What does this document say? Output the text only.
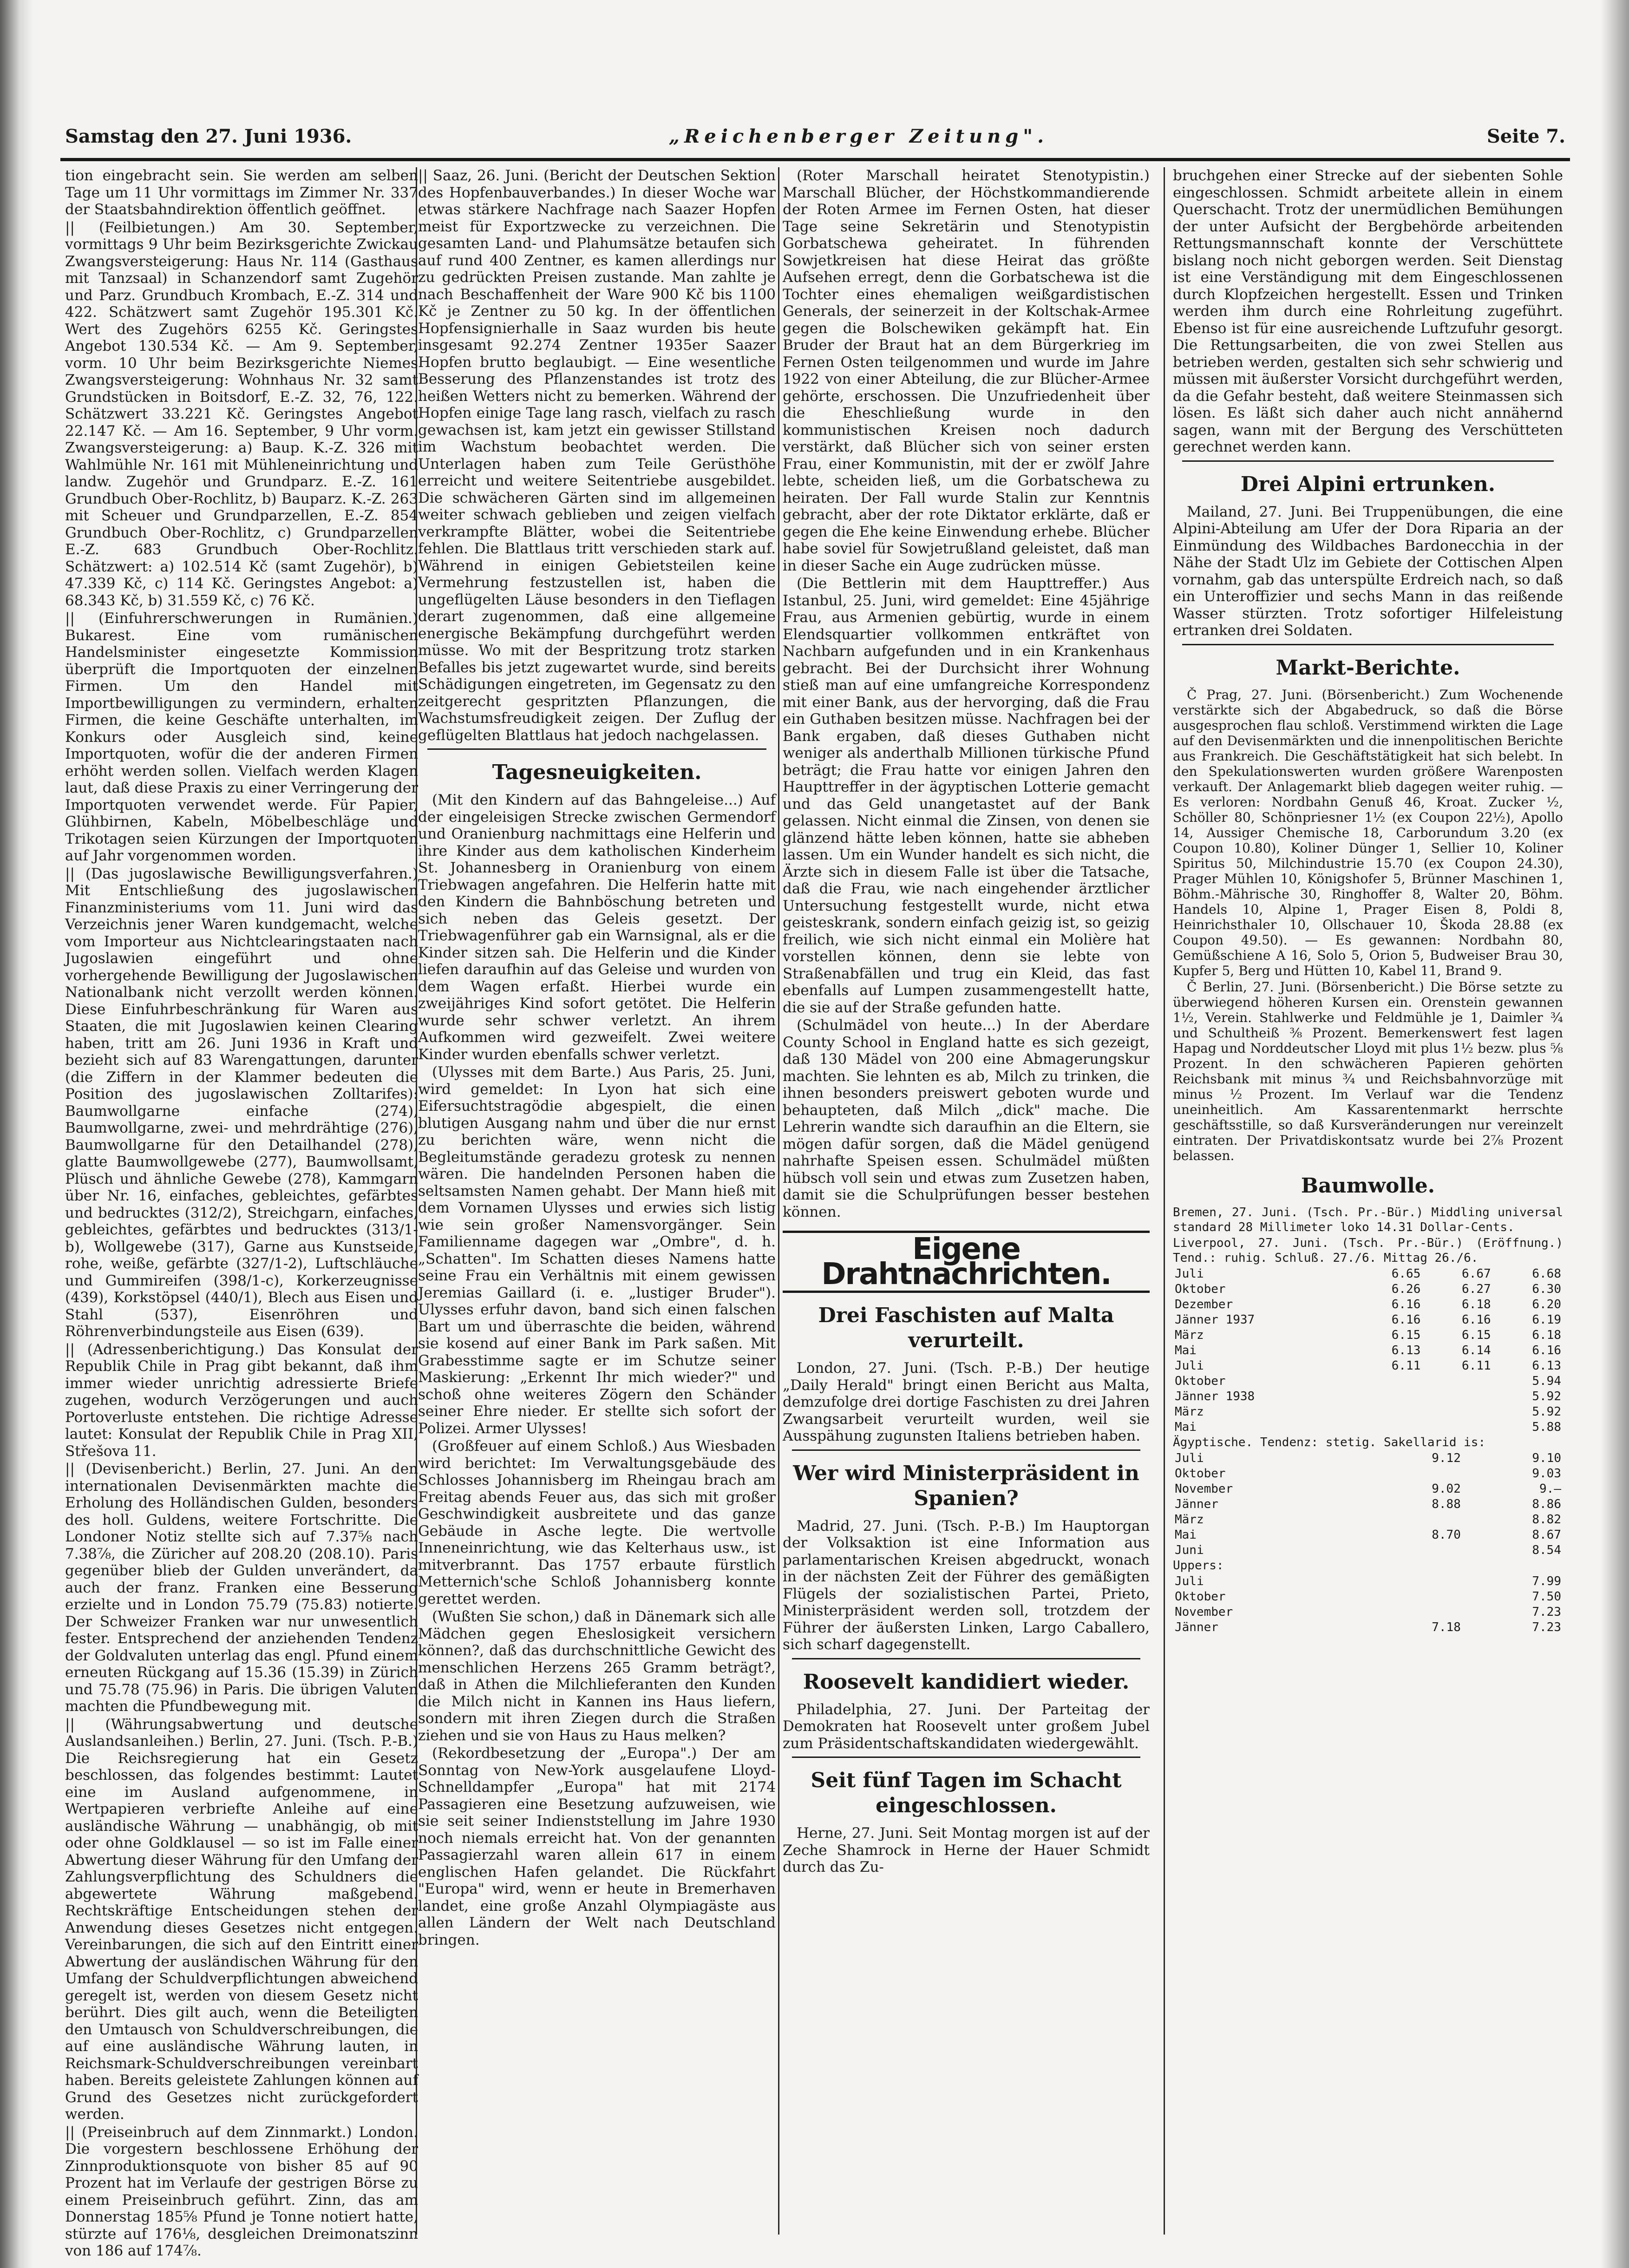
Samstag den 27. Juni 1936.	„Reichenberger Zeitung".	Seite 7.

tion eingebracht sein. Sie werden am selben Tage um 11 Uhr vormittags im Zimmer Nr. 337 der Staatsbahndirektion öffentlich geöffnet.

|| (Feilbietungen.) Am 30. September, vormittags 9 Uhr beim Bezirksgerichte Zwickau Zwangsversteigerung: Haus Nr. 114 (Gasthaus mit Tanzsaal) in Schanzendorf samt Zugehör und Parz. Grundbuch Krombach, E.-Z. 314 und 422. Schätzwert samt Zugehör 195.301 Kč. Wert des Zugehörs 6255 Kč. Geringstes Angebot 130.534 Kč. — Am 9. September, vorm. 10 Uhr beim Bezirksgerichte Niemes Zwangsversteigerung: Wohnhaus Nr. 32 samt Grundstücken in Boitsdorf, E.-Z. 32, 76, 122. Schätzwert 33.221 Kč. Geringstes Angebot 22.147 Kč. — Am 16. September, 9 Uhr vorm. Zwangsversteigerung: a) Baup. K.-Z. 326 mit Wahlmühle Nr. 161 mit Mühleneinrichtung und landw. Zugehör und Grundparz. E.-Z. 161 Grundbuch Ober-Rochlitz, b) Bauparz. K.-Z. 263 mit Scheuer und Grundparzellen, E.-Z. 854 Grundbuch Ober-Rochlitz, c) Grundparzellen E.-Z. 683 Grundbuch Ober-Rochlitz. Schätzwert: a) 102.514 Kč (samt Zugehör), b) 47.339 Kč, c) 114 Kč. Geringstes Angebot: a) 68.343 Kč, b) 31.559 Kč, c) 76 Kč.

|| (Einfuhrerschwerungen in Rumänien.) Bukarest. Eine vom rumänischen Handelsminister eingesetzte Kommission überprüft die Importquoten der einzelnen Firmen. Um den Handel mit Importbewilligungen zu vermindern, erhalten Firmen, die keine Geschäfte unterhalten, im Konkurs oder Ausgleich sind, keine Importquoten, wofür die der anderen Firmen erhöht werden sollen. Vielfach werden Klagen laut, daß diese Praxis zu einer Verringerung der Importquoten verwendet werde. Für Papier, Glühbirnen, Kabeln, Möbelbeschläge und Trikotagen seien Kürzungen der Importquoten auf Jahr vorgenommen worden.

|| (Das jugoslawische Bewilligungsverfahren.) Mit Entschließung des jugoslawischen Finanzministeriums vom 11. Juni wird das Verzeichnis jener Waren kundgemacht, welche vom Importeur aus Nichtclearingstaaten nach Jugoslawien eingeführt und ohne vorhergehende Bewilligung der Jugoslawischen Nationalbank nicht verzollt werden können. Diese Einfuhrbeschränkung für Waren aus Staaten, die mit Jugoslawien keinen Clearing haben, tritt am 26. Juni 1936 in Kraft und bezieht sich auf 83 Warengattungen, darunter (die Ziffern in der Klammer bedeuten die Position des jugoslawischen Zolltarifes): Baumwollgarne einfache (274), Baumwollgarne, zwei- und mehrdrähtige (276), Baumwollgarne für den Detailhandel (278), glatte Baumwollgewebe (277), Baumwollsamt, Plüsch und ähnliche Gewebe (278), Kammgarn über Nr. 16, einfaches, gebleichtes, gefärbtes und bedrucktes (312/2), Streichgarn, einfaches, gebleichtes, gefärbtes und bedrucktes (313/1-b), Wollgewebe (317), Garne aus Kunstseide, rohe, weiße, gefärbte (327/1-2), Luftschläuche und Gummireifen (398/1-c), Korkerzeugnisse (439), Korkstöpsel (440/1), Blech aus Eisen und Stahl (537), Eisenröhren und Röhrenverbindungsteile aus Eisen (639).

|| (Adressenberichtigung.) Das Konsulat der Republik Chile in Prag gibt bekannt, daß ihm immer wieder unrichtig adressierte Briefe zugehen, wodurch Verzögerungen und auch Portoverluste entstehen. Die richtige Adresse lautet: Konsulat der Republik Chile in Prag XII, Střešova 11.

|| (Devisenbericht.) Berlin, 27. Juni. An den internationalen Devisenmärkten machte die Erholung des Holländischen Gulden, besonders des holl. Guldens, weitere Fortschritte. Die Londoner Notiz stellte sich auf 7.37⅝ nach 7.38⅞, die Züricher auf 208.20 (208.10). Paris gegenüber blieb der Gulden unverändert, da auch der franz. Franken eine Besserung erzielte und in London 75.79 (75.83) notierte. Der Schweizer Franken war nur unwesentlich fester. Entsprechend der anziehenden Tendenz der Goldvaluten unterlag das engl. Pfund einem erneuten Rückgang auf 15.36 (15.39) in Zürich und 75.78 (75.96) in Paris. Die übrigen Valuten machten die Pfundbewegung mit.

|| (Währungsabwertung und deutsche Auslandsanleihen.) Berlin, 27. Juni. (Tsch. P.-B.) Die Reichsregierung hat ein Gesetz beschlossen, das folgendes bestimmt: Lautet eine im Ausland aufgenommene, in Wertpapieren verbriefte Anleihe auf eine ausländische Währung — unabhängig, ob mit oder ohne Goldklausel — so ist im Falle einer Abwertung dieser Währung für den Umfang der Zahlungsverpflichtung des Schuldners die abgewertete Währung maßgebend. Rechtskräftige Entscheidungen stehen der Anwendung dieses Gesetzes nicht entgegen. Vereinbarungen, die sich auf den Eintritt einer Abwertung der ausländischen Währung für den Umfang der Schuldverpflichtungen abweichend geregelt ist, werden von diesem Gesetz nicht berührt. Dies gilt auch, wenn die Beteiligten den Umtausch von Schuldverschreibungen, die auf eine ausländische Währung lauten, in Reichsmark-Schuldverschreibungen vereinbart haben. Bereits geleistete Zahlungen können auf Grund des Gesetzes nicht zurückgefordert werden.

|| (Preiseinbruch auf dem Zinnmarkt.) London. Die vorgestern beschlossene Erhöhung der Zinnproduktionsquote von bisher 85 auf 90 Prozent hat im Verlaufe der gestrigen Börse zu einem Preiseinbruch geführt. Zinn, das am Donnerstag 185⅝ Pfund je Tonne notiert hatte, stürzte auf 176⅛, desgleichen Dreimonatszinn von 186 auf 174⅞.

|| Saaz, 26. Juni. (Bericht der Deutschen Sektion des Hopfenbauverbandes.) In dieser Woche war etwas stärkere Nachfrage nach Saazer Hopfen meist für Exportzwecke zu verzeichnen. Die gesamten Land- und Plahumsätze betaufen sich auf rund 400 Zentner, es kamen allerdings nur zu gedrückten Preisen zustande. Man zahlte je nach Beschaffenheit der Ware 900 Kč bis 1100 Kč je Zentner zu 50 kg. In der öffentlichen Hopfensignierhalle in Saaz wurden bis heute insgesamt 92.274 Zentner 1935er Saazer Hopfen brutto beglaubigt. — Eine wesentliche Besserung des Pflanzenstandes ist trotz des heißen Wetters nicht zu bemerken. Während der Hopfen einige Tage lang rasch, vielfach zu rasch gewachsen ist, kam jetzt ein gewisser Stillstand im Wachstum beobachtet werden. Die Unterlagen haben zum Teile Gerüsthöhe erreicht und weitere Seitentriebe ausgebildet. Die schwächeren Gärten sind im allgemeinen weiter schwach geblieben und zeigen vielfach verkrampfte Blätter, wobei die Seitentriebe fehlen. Die Blattlaus tritt verschieden stark auf. Während in einigen Gebietsteilen keine Vermehrung festzustellen ist, haben die ungeflügelten Läuse besonders in den Tieflagen derart zugenommen, daß eine allgemeine energische Bekämpfung durchgeführt werden müsse. Wo mit der Bespritzung trotz starken Befalles bis jetzt zugewartet wurde, sind bereits Schädigungen eingetreten, im Gegensatz zu den zeitgerecht gespritzten Pflanzungen, die Wachstumsfreudigkeit zeigen. Der Zuflug der geflügelten Blattlaus hat jedoch nachgelassen.

Tagesneuigkeiten.

(Mit den Kindern auf das Bahngeleise...) Auf der eingeleisigen Strecke zwischen Germendorf und Oranienburg nachmittags eine Helferin und ihre Kinder aus dem katholischen Kinderheim St. Johannesberg in Oranienburg von einem Triebwagen angefahren. Die Helferin hatte mit den Kindern die Bahnböschung betreten und sich neben das Geleis gesetzt. Der Triebwagenführer gab ein Warnsignal, als er die Kinder sitzen sah. Die Helferin und die Kinder liefen daraufhin auf das Geleise und wurden von dem Wagen erfaßt. Hierbei wurde ein zweijähriges Kind sofort getötet. Die Helferin wurde sehr schwer verletzt. An ihrem Aufkommen wird gezweifelt. Zwei weitere Kinder wurden ebenfalls schwer verletzt.

(Ulysses mit dem Barte.) Aus Paris, 25. Juni, wird gemeldet: In Lyon hat sich eine Eifersuchtstragödie abgespielt, die einen blutigen Ausgang nahm und über die nur ernst zu berichten wäre, wenn nicht die Begleitumstände geradezu grotesk zu nennen wären. Die handelnden Personen haben die seltsamsten Namen gehabt. Der Mann hieß mit dem Vornamen Ulysses und erwies sich listig wie sein großer Namensvorgänger. Sein Familienname dagegen war „Ombre", d. h. „Schatten". Im Schatten dieses Namens hatte seine Frau ein Verhältnis mit einem gewissen Jeremias Gaillard (i. e. „lustiger Bruder"). Ulysses erfuhr davon, band sich einen falschen Bart um und überraschte die beiden, während sie kosend auf einer Bank im Park saßen. Mit Grabesstimme sagte er im Schutze seiner Maskierung: „Erkennt Ihr mich wieder?" und schoß ohne weiteres Zögern den Schänder seiner Ehre nieder. Er stellte sich sofort der Polizei. Armer Ulysses!

(Großfeuer auf einem Schloß.) Aus Wiesbaden wird berichtet: Im Verwaltungsgebäude des Schlosses Johannisberg im Rheingau brach am Freitag abends Feuer aus, das sich mit großer Geschwindigkeit ausbreitete und das ganze Gebäude in Asche legte. Die wertvolle Inneneinrichtung, wie das Kelterhaus usw., ist mitverbrannt. Das 1757 erbaute fürstlich Metternich'sche Schloß Johannisberg konnte gerettet werden.

(Wußten Sie schon,) daß in Dänemark sich alle Mädchen gegen Eheslosigkeit versichern können?, daß das durchschnittliche Gewicht des menschlichen Herzens 265 Gramm beträgt?, daß in Athen die Milchlieferanten den Kunden die Milch nicht in Kannen ins Haus liefern, sondern mit ihren Ziegen durch die Straßen ziehen und sie von Haus zu Haus melken?

(Rekordbesetzung der „Europa".) Der am Sonntag von New-York ausgelaufene Lloyd-Schnelldampfer „Europa" hat mit 2174 Passagieren eine Besetzung aufzuweisen, wie sie seit seiner Indienststellung im Jahre 1930 noch niemals erreicht hat. Von der genannten Passagierzahl waren allein 617 in einem englischen Hafen gelandet. Die Rückfahrt "Europa" wird, wenn er heute in Bremerhaven landet, eine große Anzahl Olympiagäste aus allen Ländern der Welt nach Deutschland bringen.

(Roter Marschall heiratet Stenotypistin.) Marschall Blücher, der Höchstkommandierende der Roten Armee im Fernen Osten, hat dieser Tage seine Sekretärin und Stenotypistin Gorbatschewa geheiratet. In führenden Sowjetkreisen hat diese Heirat das größte Aufsehen erregt, denn die Gorbatschewa ist die Tochter eines ehemaligen weißgardistischen Generals, der seinerzeit in der Koltschak-Armee gegen die Bolschewiken gekämpft hat. Ein Bruder der Braut hat an dem Bürgerkrieg im Fernen Osten teilgenommen und wurde im Jahre 1922 von einer Abteilung, die zur Blücher-Armee gehörte, erschossen. Die Unzufriedenheit über die Eheschließung wurde in den kommunistischen Kreisen noch dadurch verstärkt, daß Blücher sich von seiner ersten Frau, einer Kommunistin, mit der er zwölf Jahre lebte, scheiden ließ, um die Gorbatschewa zu heiraten. Der Fall wurde Stalin zur Kenntnis gebracht, aber der rote Diktator erklärte, daß er gegen die Ehe keine Einwendung erhebe. Blücher habe soviel für Sowjetrußland geleistet, daß man in dieser Sache ein Auge zudrücken müsse.

(Die Bettlerin mit dem Haupttreffer.) Aus Istanbul, 25. Juni, wird gemeldet: Eine 45jährige Frau, aus Armenien gebürtig, wurde in einem Elendsquartier vollkommen entkräftet von Nachbarn aufgefunden und in ein Krankenhaus gebracht. Bei der Durchsicht ihrer Wohnung stieß man auf eine umfangreiche Korrespondenz mit einer Bank, aus der hervorging, daß die Frau ein Guthaben besitzen müsse. Nachfragen bei der Bank ergaben, daß dieses Guthaben nicht weniger als anderthalb Millionen türkische Pfund beträgt; die Frau hatte vor einigen Jahren den Haupttreffer in der ägyptischen Lotterie gemacht und das Geld unangetastet auf der Bank gelassen. Nicht einmal die Zinsen, von denen sie glänzend hätte leben können, hatte sie abheben lassen. Um ein Wunder handelt es sich nicht, die Ärzte sich in diesem Falle ist über die Tatsache, daß die Frau, wie nach eingehender ärztlicher Untersuchung festgestellt wurde, nicht etwa geisteskrank, sondern einfach geizig ist, so geizig freilich, wie sich nicht einmal ein Molière hat vorstellen können, denn sie lebte von Straßenabfällen und trug ein Kleid, das fast ebenfalls auf Lumpen zusammengestellt hatte, die sie auf der Straße gefunden hatte.

(Schulmädel von heute...) In der Aberdare County School in England hatte es sich gezeigt, daß 130 Mädel von 200 eine Abmagerungskur machten. Sie lehnten es ab, Milch zu trinken, die ihnen besonders preiswert geboten wurde und behaupteten, daß Milch „dick" mache. Die Lehrerin wandte sich daraufhin an die Eltern, sie mögen dafür sorgen, daß die Mädel genügend nahrhafte Speisen essen. Schulmädel müßten hübsch voll sein und etwas zum Zusetzen haben, damit sie die Schulprüfungen besser bestehen können.

Eigene Drahtnachrichten.
Drei Faschisten auf Malta verurteilt.

London, 27. Juni. (Tsch. P.-B.) Der heutige „Daily Herald" bringt einen Bericht aus Malta, demzufolge drei dortige Faschisten zu drei Jahren Zwangsarbeit verurteilt wurden, weil sie Ausspähung zugunsten Italiens betrieben haben.

Wer wird Ministerpräsident in Spanien?

Madrid, 27. Juni. (Tsch. P.-B.) Im Hauptorgan der Volksaktion ist eine Information aus parlamentarischen Kreisen abgedruckt, wonach in der nächsten Zeit der Führer des gemäßigten Flügels der sozialistischen Partei, Prieto, Ministerpräsident werden soll, trotzdem der Führer der äußersten Linken, Largo Caballero, sich scharf dagegenstellt.

Roosevelt kandidiert wieder.

Philadelphia, 27. Juni. Der Parteitag der Demokraten hat Roosevelt unter großem Jubel zum Präsidentschaftskandidaten wiedergewählt.

Seit fünf Tagen im Schacht eingeschlossen.

Herne, 27. Juni. Seit Montag morgen ist auf der Zeche Shamrock in Herne der Hauer Schmidt durch das Zu-

bruchgehen einer Strecke auf der siebenten Sohle eingeschlossen. Schmidt arbeitete allein in einem Querschacht. Trotz der unermüdlichen Bemühungen der unter Aufsicht der Bergbehörde arbeitenden Rettungsmannschaft konnte der Verschüttete bislang noch nicht geborgen werden. Seit Dienstag ist eine Verständigung mit dem Eingeschlossenen durch Klopfzeichen hergestellt. Essen und Trinken werden ihm durch eine Rohrleitung zugeführt. Ebenso ist für eine ausreichende Luftzufuhr gesorgt. Die Rettungsarbeiten, die von zwei Stellen aus betrieben werden, gestalten sich sehr schwierig und müssen mit äußerster Vorsicht durchgeführt werden, da die Gefahr besteht, daß weitere Steinmassen sich lösen. Es läßt sich daher auch nicht annähernd sagen, wann mit der Bergung des Verschütteten gerechnet werden kann.

Drei Alpini ertrunken.

Mailand, 27. Juni. Bei Truppenübungen, die eine Alpini-Abteilung am Ufer der Dora Riparia an der Einmündung des Wildbaches Bardonecchia in der Nähe der Stadt Ulz im Gebiete der Cottischen Alpen vornahm, gab das unterspülte Erdreich nach, so daß ein Unteroffizier und sechs Mann in das reißende Wasser stürzten. Trotz sofortiger Hilfeleistung ertranken drei Soldaten.

Markt-Berichte.

Č Prag, 27. Juni. (Börsenbericht.) Zum Wochenende verstärkte sich der Abgabedruck, so daß die Börse ausgesprochen flau schloß. Verstimmend wirkten die Lage auf den Devisenmärkten und die innenpolitischen Berichte aus Frankreich. Die Geschäftstätigkeit hat sich belebt. In den Spekulationswerten wurden größere Warenposten verkauft. Der Anlagemarkt blieb dagegen weiter ruhig. — Es verloren: Nordbahn Genuß 46, Kroat. Zucker ½, Schöller 80, Schönpriesner 1½ (ex Coupon 22½), Apollo 14, Aussiger Chemische 18, Carborundum 3.20 (ex Coupon 10.80), Koliner Dünger 1, Sellier 10, Koliner Spiritus 50, Milchindustrie 15.70 (ex Coupon 24.30), Prager Mühlen 10, Königshofer 5, Brünner Maschinen 1, Böhm.-Mährische 30, Ringhoffer 8, Walter 20, Böhm. Handels 10, Alpine 1, Prager Eisen 8, Poldi 8, Heinrichsthaler 10, Ollschauer 10, Škoda 28.88 (ex Coupon 49.50). — Es gewannen: Nordbahn 80, Gemüßschiene A 16, Solo 5, Orion 5, Budweiser Brau 30, Kupfer 5, Berg und Hütten 10, Kabel 11, Brand 9.

Č Berlin, 27. Juni. (Börsenbericht.) Die Börse setzte zu überwiegend höheren Kursen ein. Orenstein gewannen 1½, Verein. Stahlwerke und Feldmühle je 1, Daimler ¾ und Schultheiß ⅜ Prozent. Bemerkenswert fest lagen Hapag und Norddeutscher Lloyd mit plus 1½ bezw. plus ⅝ Prozent. In den schwächeren Papieren gehörten Reichsbank mit minus ¾ und Reichsbahnvorzüge mit minus ½ Prozent. Im Verlauf war die Tendenz uneinheitlich. Am Kassarentenmarkt herrschte geschäftsstille, so daß Kursveränderungen nur vereinzelt eintraten. Der Privatdiskontsatz wurde bei 2⅞ Prozent belassen.

Baumwolle.

Bremen, 27. Juni. (Tsch. Pr.-Bür.) Middling universal standard 28 Millimeter loko 14.31 Dollar-Cents.

Liverpool, 27. Juni. (Tsch. Pr.-Bür.) (Eröffnung.) Tend.: ruhig. Schluß. 27./6. Mittag 26./6.

Juli	6.65	6.67	6.68
Oktober	6.26	6.27	6.30
Dezember	6.16	6.18	6.20
Jänner 1937	6.16	6.16	6.19
März	6.15	6.15	6.18
Mai	6.13	6.14	6.16
Juli	6.11	6.11	6.13
Oktober			5.94
Jänner 1938			5.92
März			5.92
Mai			5.88

Ägyptische. Tendenz: stetig. Sakellarid is:

Juli	9.12	9.10
Oktober		9.03
November	9.02	9.—
Jänner	8.88	8.86
März		8.82
Mai	8.70	8.67
Juni		8.54

Uppers:

Juli		7.99
Oktober		7.50
November		7.23
Jänner	7.18	7.23
